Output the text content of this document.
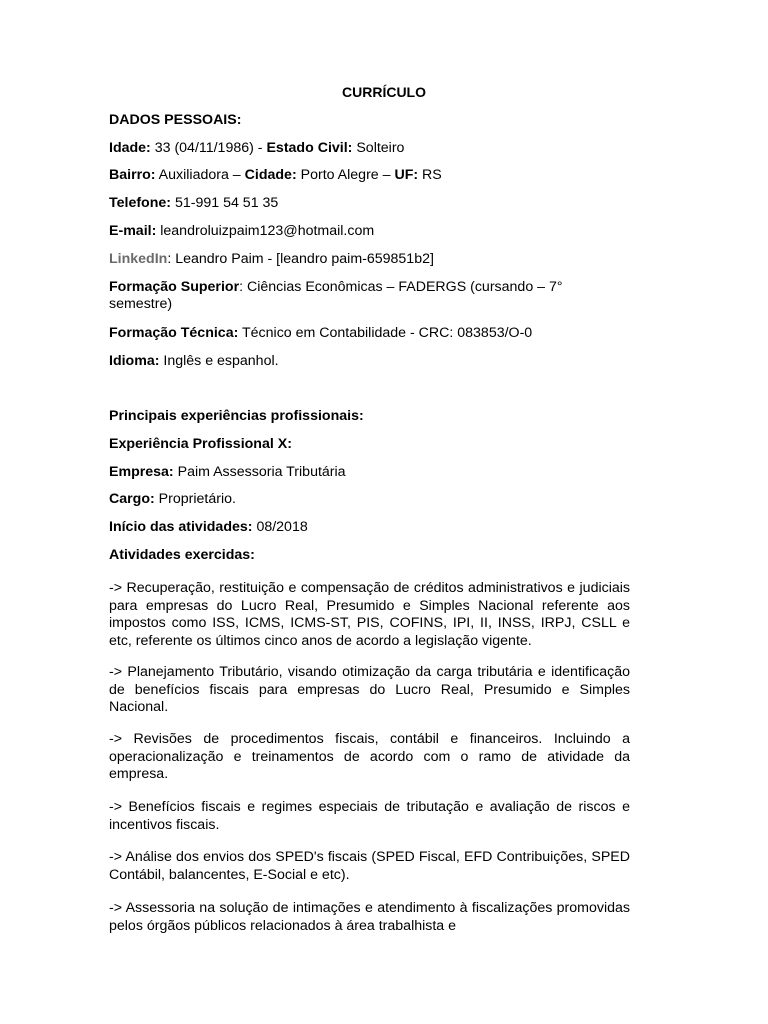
CURRÍCULO
DADOS PESSOAIS:
Idade: 33 (04/11/1986) - Estado Civil: Solteiro
Bairro: Auxiliadora – Cidade: Porto Alegre – UF: RS
Telefone: 51-991 54 51 35
E-mail: leandroluizpaim123@hotmail.com
LinkedIn: Leandro Paim - [leandro paim-659851b2]
Formação Superior: Ciências Econômicas – FADERGS (cursando – 7°
semestre)
Formação Técnica: Técnico em Contabilidade - CRC: 083853/O-0
Idioma: Inglês e espanhol.
Principais experiências profissionais:
Experiência Profissional X:
Empresa: Paim Assessoria Tributária
Cargo: Proprietário.
Início das atividades: 08/2018
Atividades exercidas:
-> Recuperação, restituição e compensação de créditos administrativos e judiciais para empresas do Lucro Real, Presumido e Simples Nacional referente aos impostos como ISS, ICMS, ICMS-ST, PIS, COFINS, IPI, II, INSS, IRPJ, CSLL e etc, referente os últimos cinco anos de acordo a legislação vigente.
-> Planejamento Tributário, visando otimização da carga tributária e identificação de benefícios fiscais para empresas do Lucro Real, Presumido e Simples Nacional.
-> Revisões de procedimentos fiscais, contábil e financeiros. Incluindo a operacionalização e treinamentos de acordo com o ramo de atividade da empresa.
-> Benefícios fiscais e regimes especiais de tributação e avaliação de riscos e incentivos fiscais.
-> Análise dos envios dos SPED's fiscais (SPED Fiscal, EFD Contribuições, SPED Contábil, balancentes, E-Social e etc).
-> Assessoria na solução de intimações e atendimento à fiscalizações promovidas pelos órgãos públicos relacionados à área trabalhista e
